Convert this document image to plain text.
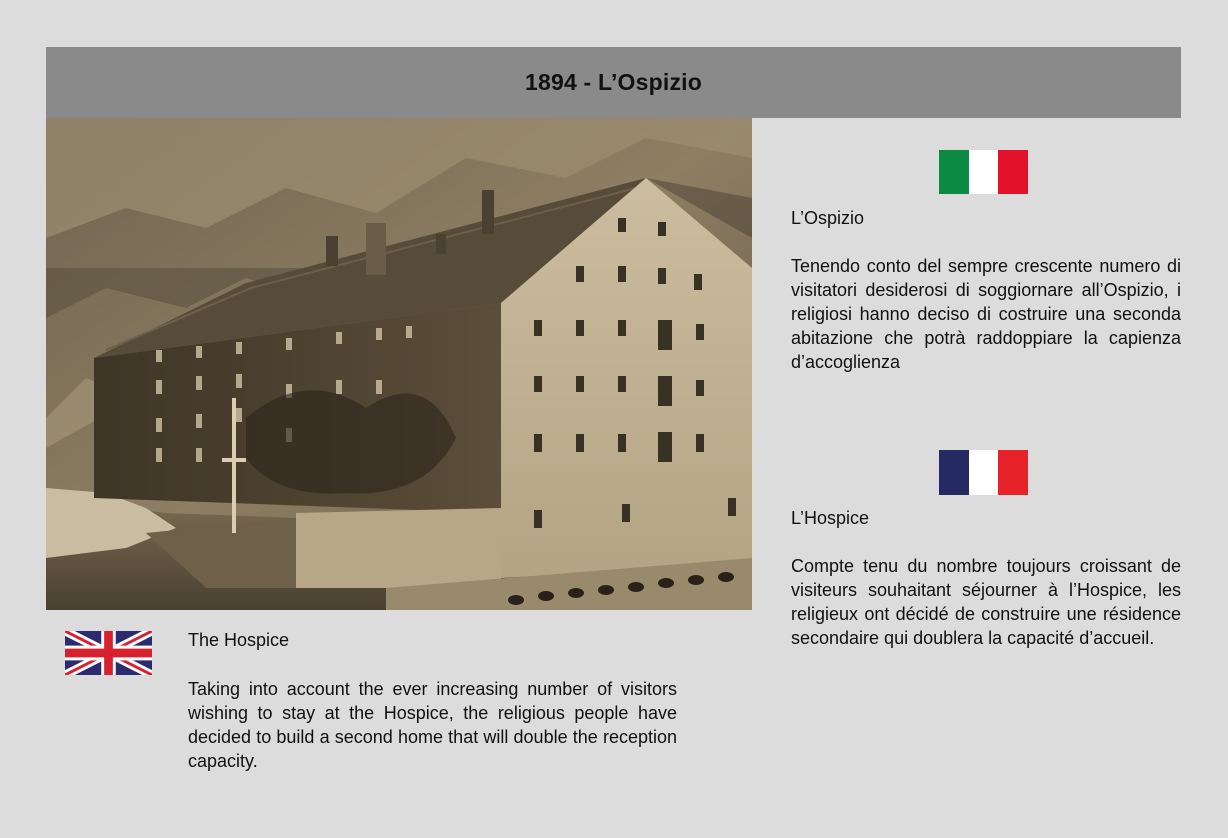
1894 - L’Ospizio

L’Ospizio

Tenendo conto del sempre crescente numero di visitatori desiderosi di soggiornare all’Ospizio, i religiosi hanno deciso di costruire una seconda abitazione che potrà raddoppiare la capienza d’accoglienza

L’Hospice

Compte tenu du nombre toujours croissant de visiteurs souhaitant séjourner à l’Hospice, les religieux ont décidé de construire une résidence secondaire qui doublera la capacité d’accueil.

The Hospice

Taking into account the ever increasing number of visitors wishing to stay at the Hospice, the religious people have decided to build a second home that will double the reception capacity.
